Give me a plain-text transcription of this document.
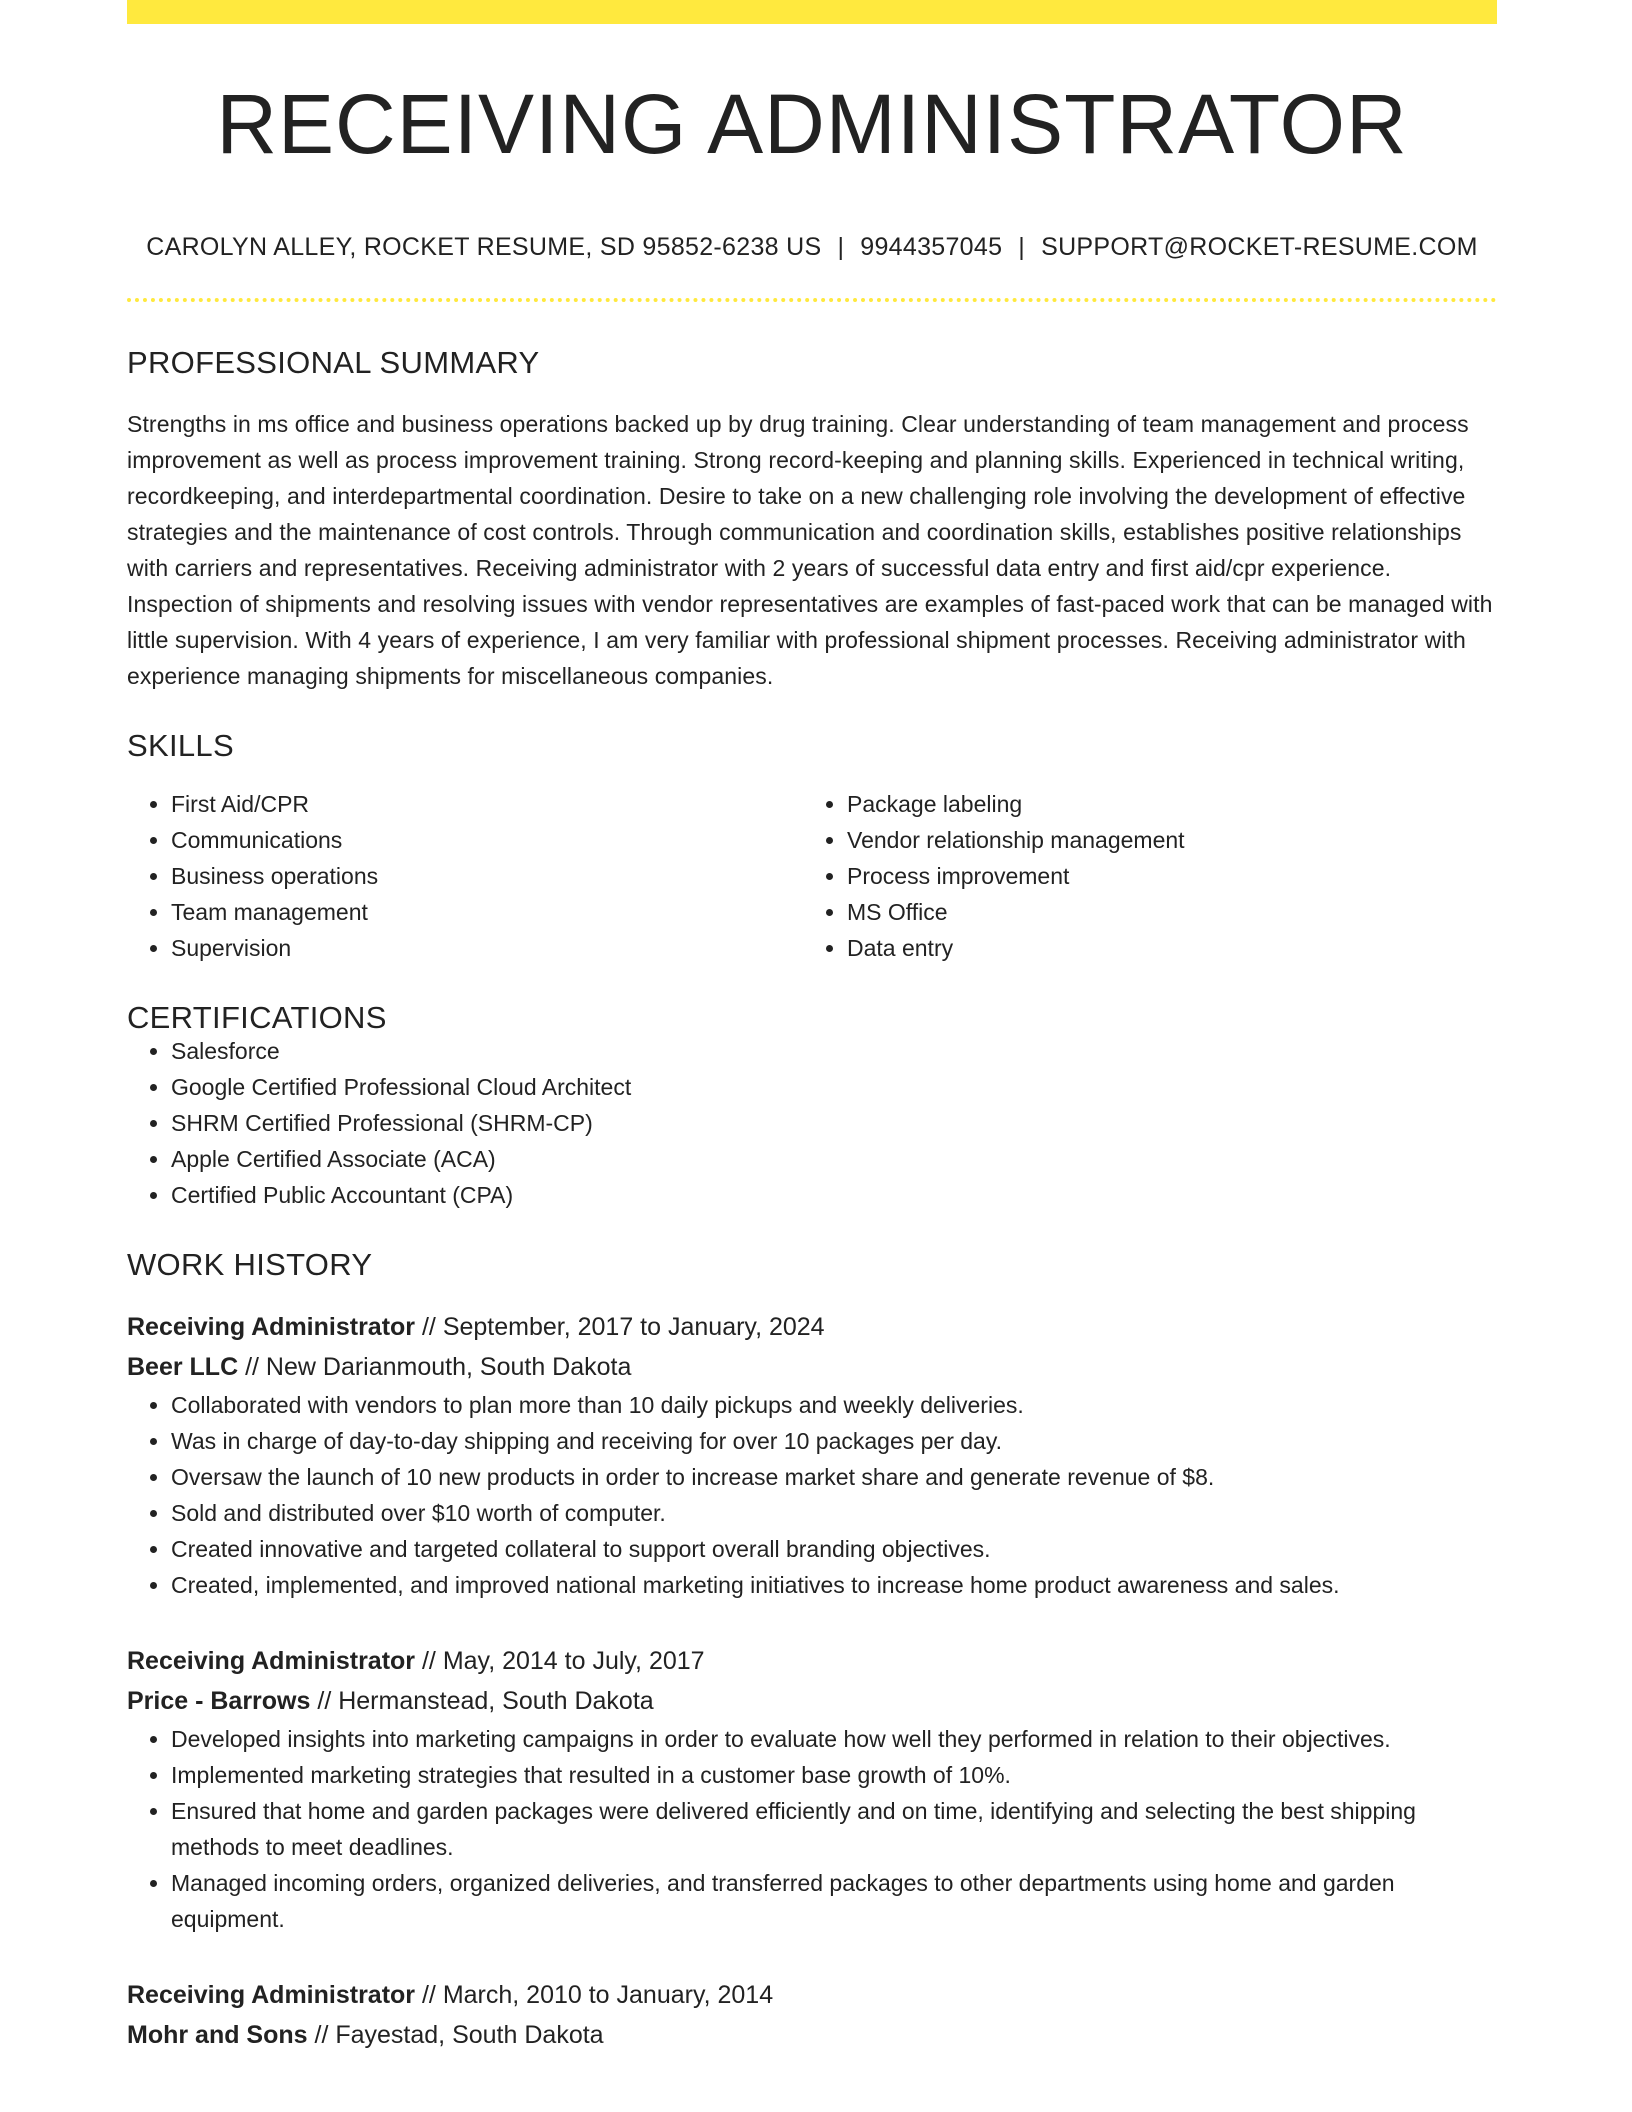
RECEIVING ADMINISTRATOR
CAROLYN ALLEY, ROCKET RESUME, SD 95852-6238 US | 9944357045 | SUPPORT@ROCKET-RESUME.COM
PROFESSIONAL SUMMARY

Strengths in ms office and business operations backed up by drug training. Clear understanding of team management and process improvement as well as process improvement training. Strong record-keeping and planning skills. Experienced in technical writing, recordkeeping, and interdepartmental coordination. Desire to take on a new challenging role involving the development of effective strategies and the maintenance of cost controls. Through communication and coordination skills, establishes positive relationships with carriers and representatives. Receiving administrator with 2 years of successful data entry and first aid/cpr experience. Inspection of shipments and resolving issues with vendor representatives are examples of fast-paced work that can be managed with little supervision. With 4 years of experience, I am very familiar with professional shipment processes. Receiving administrator with experience managing shipments for miscellaneous companies.

SKILLS
• First Aid/CPR
• Communications
• Business operations
• Team management
• Supervision
• Package labeling
• Vendor relationship management
• Process improvement
• MS Office
• Data entry
CERTIFICATIONS
• Salesforce
• Google Certified Professional Cloud Architect
• SHRM Certified Professional (SHRM-CP)
• Apple Certified Associate (ACA)
• Certified Public Accountant (CPA)
WORK HISTORY
Receiving Administrator // September, 2017 to January, 2024
Beer LLC // New Darianmouth, South Dakota
• Collaborated with vendors to plan more than 10 daily pickups and weekly deliveries.
• Was in charge of day-to-day shipping and receiving for over 10 packages per day.
• Oversaw the launch of 10 new products in order to increase market share and generate revenue of $8.
• Sold and distributed over $10 worth of computer.
• Created innovative and targeted collateral to support overall branding objectives.
• Created, implemented, and improved national marketing initiatives to increase home product awareness and sales.
Receiving Administrator // May, 2014 to July, 2017
Price - Barrows // Hermanstead, South Dakota
• Developed insights into marketing campaigns in order to evaluate how well they performed in relation to their objectives.
• Implemented marketing strategies that resulted in a customer base growth of 10%.
• Ensured that home and garden packages were delivered efficiently and on time, identifying and selecting the best shipping methods to meet deadlines.
• Managed incoming orders, organized deliveries, and transferred packages to other departments using home and garden equipment.
Receiving Administrator // March, 2010 to January, 2014
Mohr and Sons // Fayestad, South Dakota
